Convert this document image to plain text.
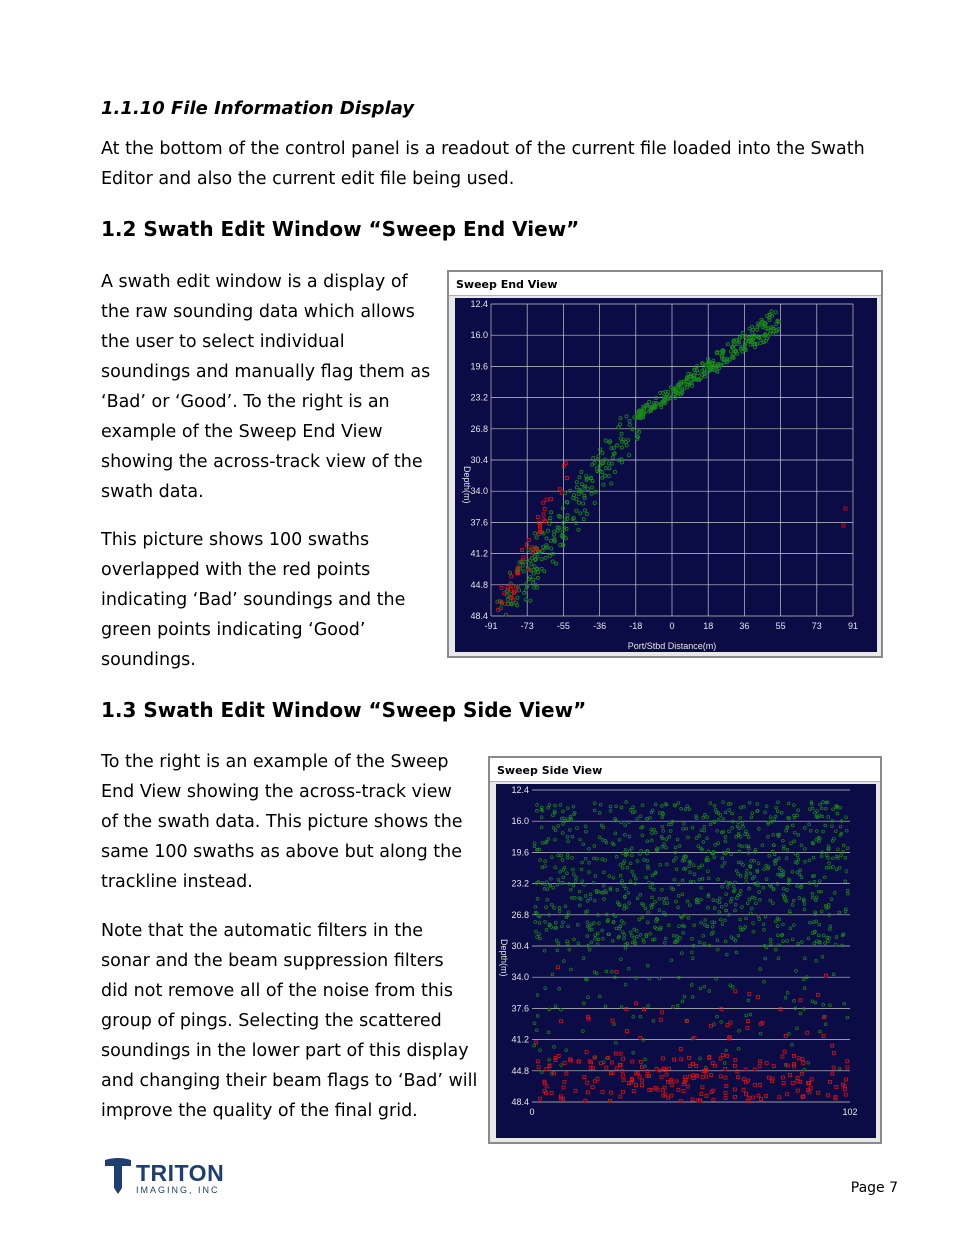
1.1.10 File Information Display
At the bottom of the control panel is a readout of the current file loaded into the Swath
Editor and also the current edit file being used.
1.2 Swath Edit Window “Sweep End View”
A swath edit window is a display of
the raw sounding data which allows
the user to select individual
soundings and manually flag them as
‘Bad’ or ‘Good’. To the right is an
example of the Sweep End View
showing the across-track view of the
swath data.
This picture shows 100 swaths
overlapped with the red points
indicating ‘Bad’ soundings and the
green points indicating ‘Good’
soundings.
Sweep End View
12.4
16.0
19.6
23.2
26.8
30.4
34.0
37.6
41.2
44.8
48.4
-91	-73	-55	-36	-18	0	18	36	55	73	91
Depth(m)
Port/Stbd Distance(m)
1.3 Swath Edit Window “Sweep Side View”
To the right is an example of the Sweep
End View showing the across-track view
of the swath data. This picture shows the
same 100 swaths as above but along the
trackline instead.
Note that the automatic filters in the
sonar and the beam suppression filters
did not remove all of the noise from this
group of pings. Selecting the scattered
soundings in the lower part of this display
and changing their beam flags to ‘Bad’ will
improve the quality of the final grid.
Sweep Side View
12.4
16.0
19.6
23.2
26.8
30.4
34.0
37.6
41.2
44.8
48.4
0	102
Depth(m)
TRITON
IMAGING, INC	Page 7
